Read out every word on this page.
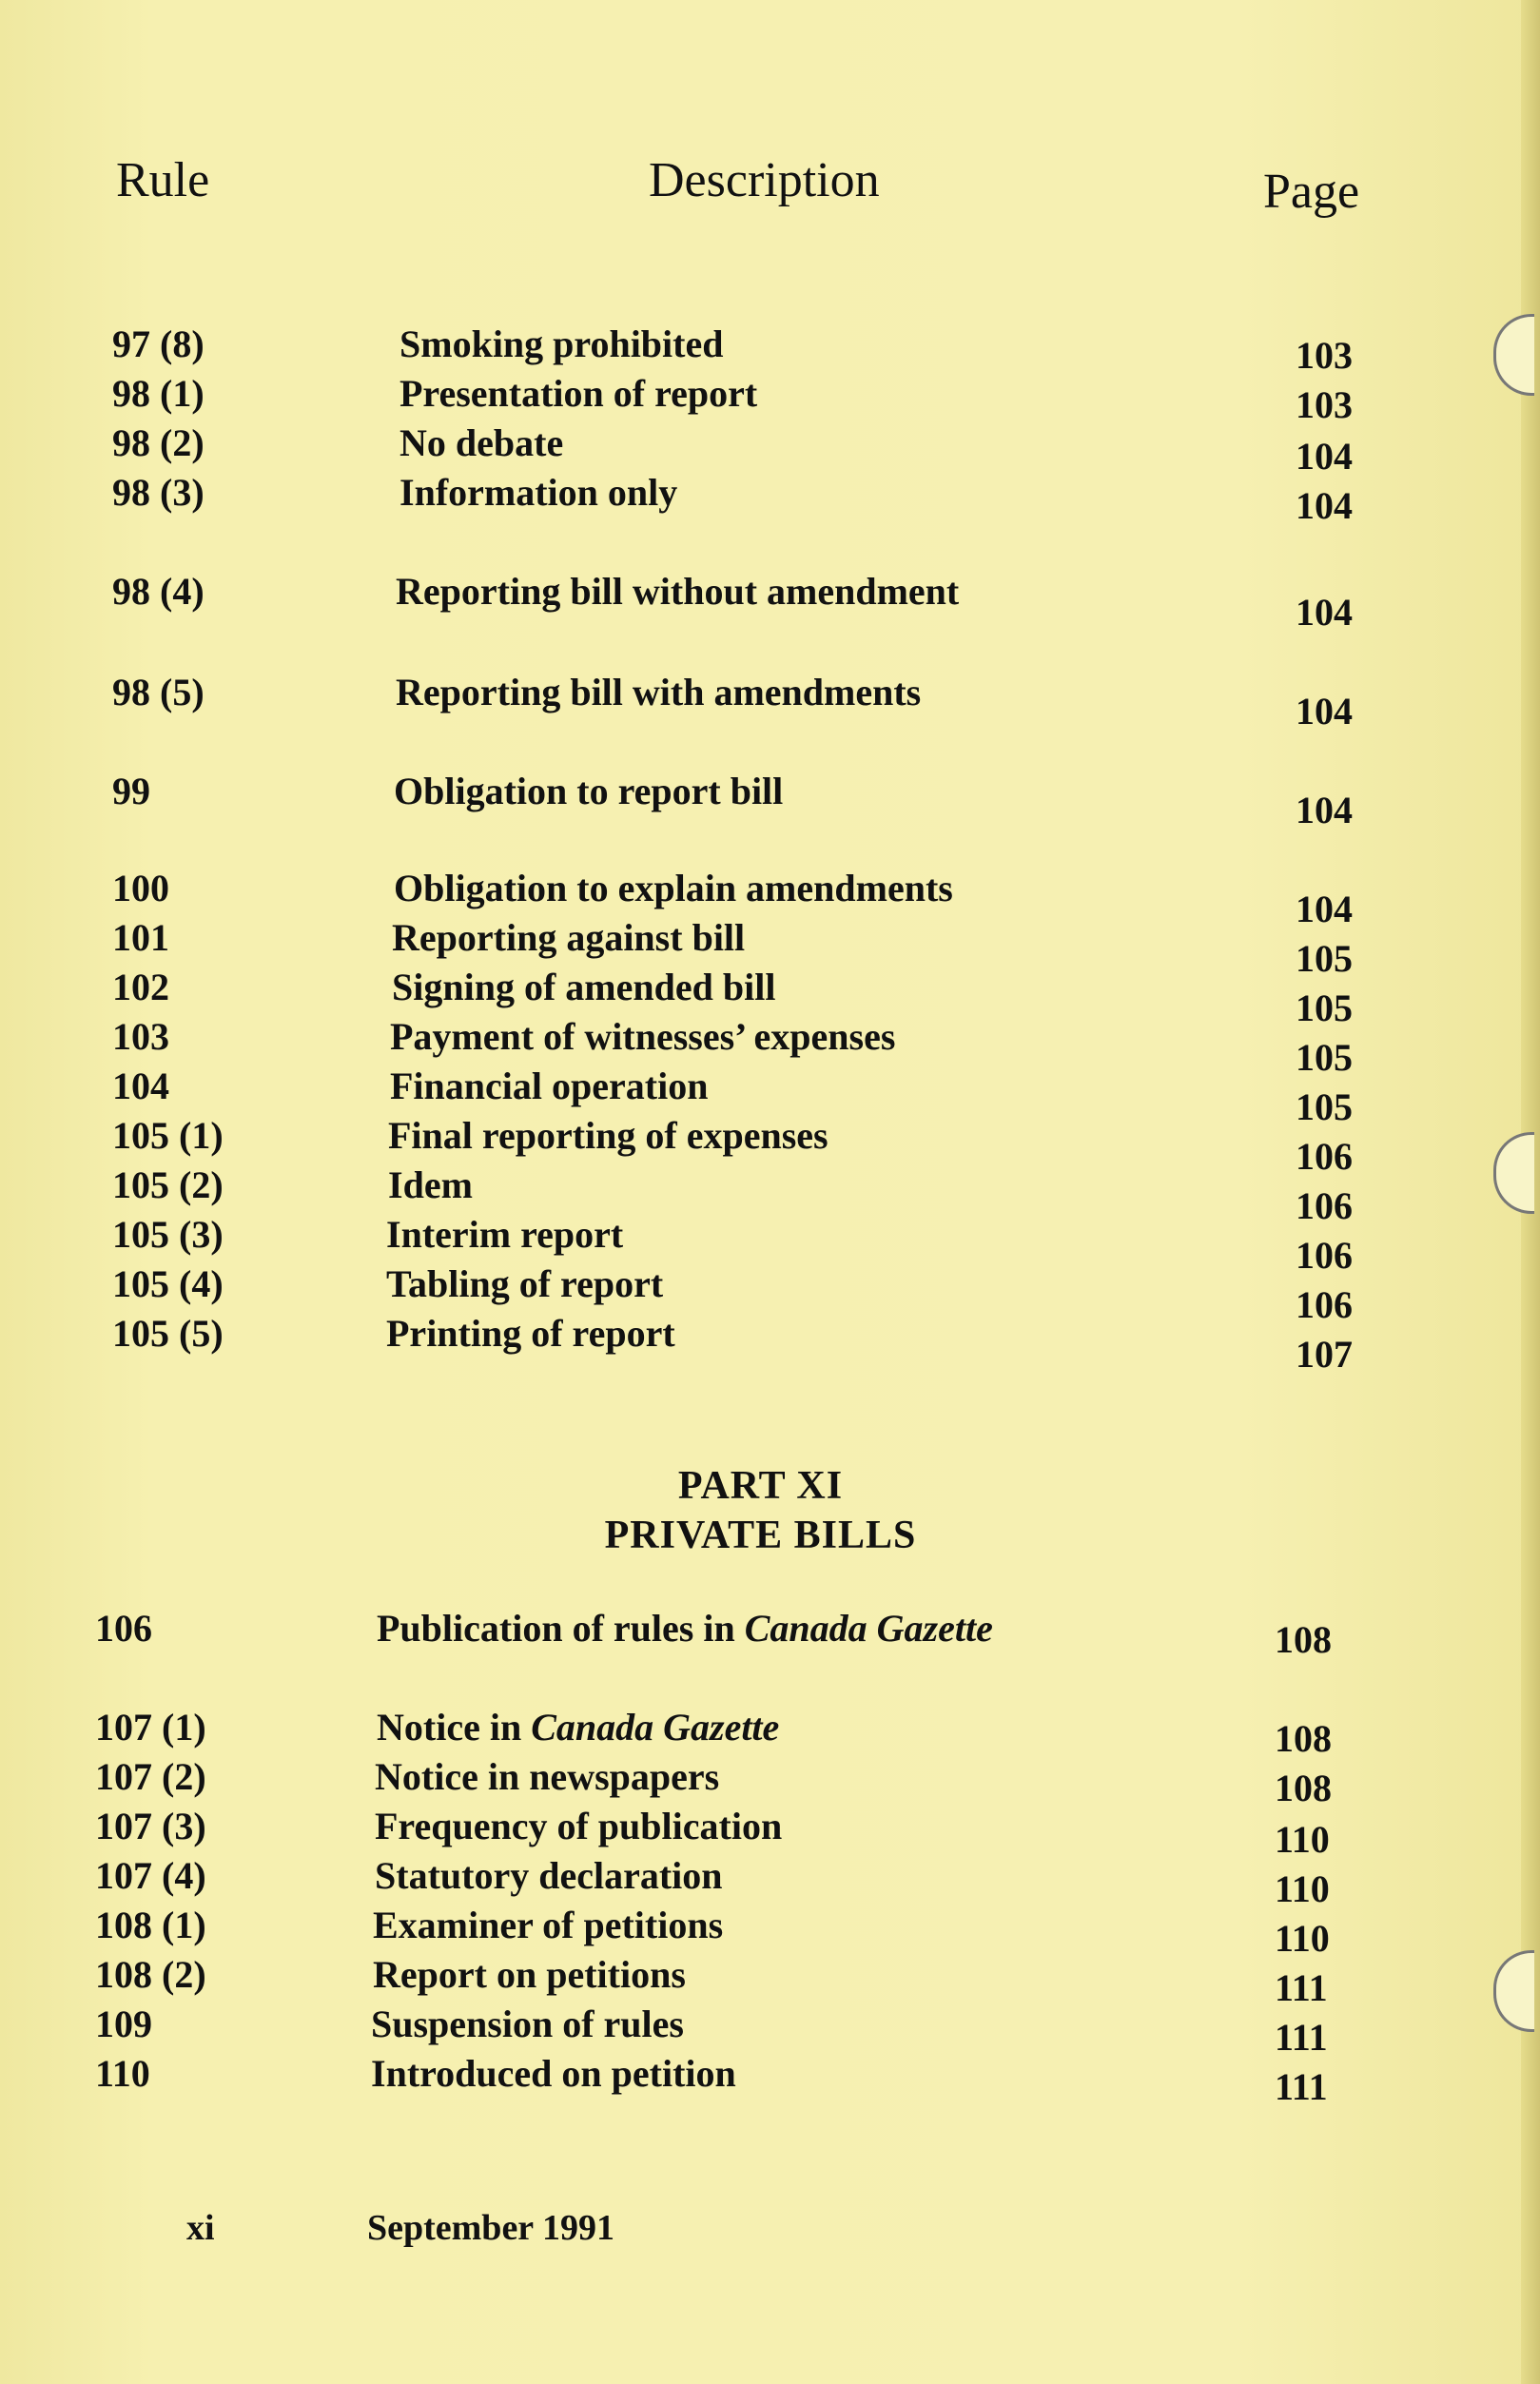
Rule	Description	Page
97 (8)	Smoking prohibited	103
98 (1)	Presentation of report	103
98 (2)	No debate	104
98 (3)	Information only	104
98 (4)	Reporting bill without amendment	104
98 (5)	Reporting bill with amendments	104
99	Obligation to report bill	104
100	Obligation to explain amendments	104
101	Reporting against bill	105
102	Signing of amended bill	105
103	Payment of witnesses’ expenses	105
104	Financial operation	105
105 (1)	Final reporting of expenses	106
105 (2)	Idem	106
105 (3)	Interim report	106
105 (4)	Tabling of report	106
105 (5)	Printing of report	107
PART XI
PRIVATE BILLS
106	Publication of rules in Canada Gazette	108
107 (1)	Notice in Canada Gazette	108
107 (2)	Notice in newspapers	108
107 (3)	Frequency of publication	110
107 (4)	Statutory declaration	110
108 (1)	Examiner of petitions	110
108 (2)	Report on petitions	111
109	Suspension of rules	111
110	Introduced on petition	111
xi	September 1991
